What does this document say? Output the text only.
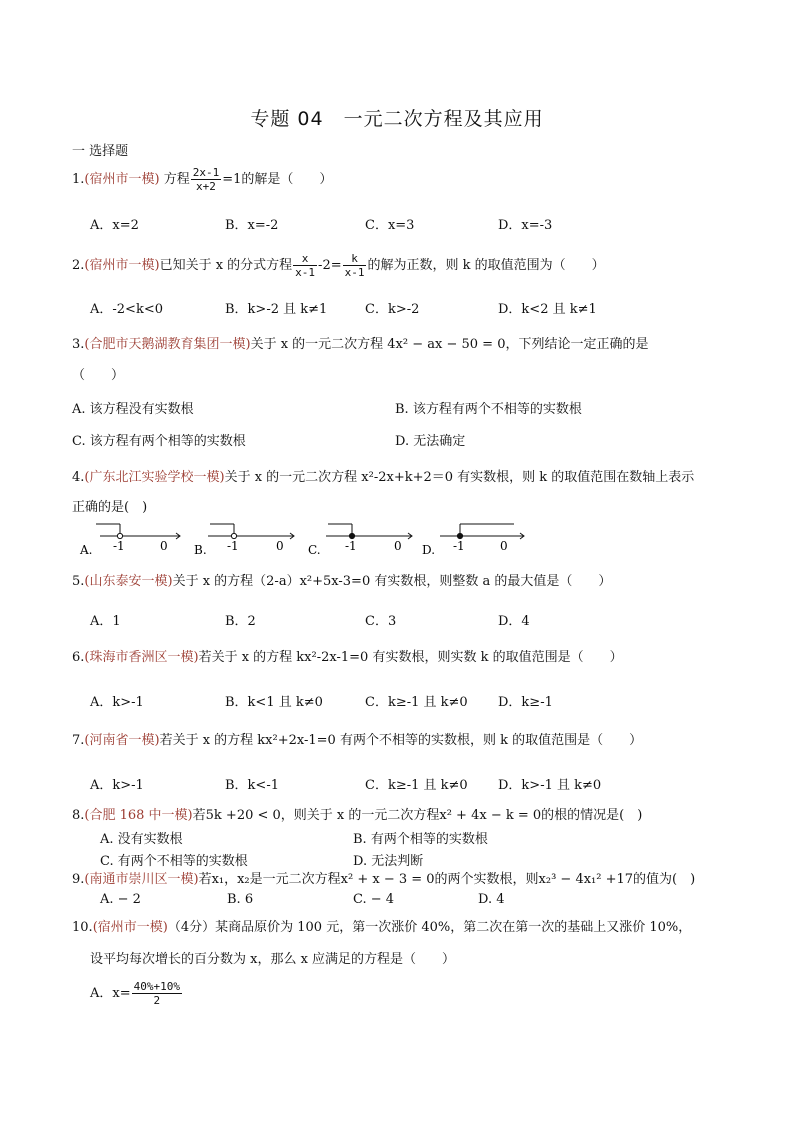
专题 04　一元二次方程及其应用
一 选择题
1.(宿州市一模) 方程 $\frac{2x-1}{x+2} =1$的解是（　　）
A．x=2	B．x=-2	C．x=3	D．x=-3
2.(宿州市一模)已知关于 x 的分式方程 $\frac{x}{x-1} -2= \frac{k}{x-1}$ 的解为正数，则 k 的取值范围为（　　）
A．-2<k<0	B．k>-2 且 k≠1	C．k>-2	D．k<2 且 k≠1
3.(合肥市天鹅湖教育集团一模)关于 x 的一元二次方程 4x² − ax − 50 = 0，下列结论一定正确的是
（　　）
A. 该方程没有实数根	B. 该方程有两个不相等的实数根
C. 该方程有两个相等的实数根	D. 无法确定
4.(广东北江实验学校一模)关于 x 的一元二次方程 x²-2x+k+2＝0 有实数根，则 k 的取值范围在数轴上表示
正确的是(　)
A. -1	0 B. -1	0 C. -1	0 D. -1	0
5.(山东泰安一模)关于 x 的方程（2-a）x²+5x-3=0 有实数根，则整数 a 的最大值是（　　）
A．1	B．2	C．3	D．4
6.(珠海市香洲区一模)若关于 x 的方程 kx²-2x-1=0 有实数根，则实数 k 的取值范围是（　　）
A．k>-1	B．k<1 且 k≠0	C．k≥-1 且 k≠0 D．k≥-1
7.(河南省一模)若关于 x 的方程 kx²+2x-1=0 有两个不相等的实数根，则 k 的取值范围是（　　）
A．k>-1	B．k<-1	C．k≥-1 且 k≠0 D．k>-1 且 k≠0
8.(合肥 168 中一模)若5k +20 < 0，则关于 x 的一元二次方程x² + 4x − k = 0的根的情况是(　)
A. 没有实数根	B. 有两个相等的实数根
C. 有两个不相等的实数根	D. 无法判断
9.(南通市崇川区一模)若x₁，x₂是一元二次方程x² + x − 3 = 0的两个实数根，则x₂³ − 4x₁² +17的值为(　)
A. − 2	B. 6	C. − 4	D. 4
10.(宿州市一模)（4分）某商品原价为 100 元，第一次涨价 40%，第二次在第一次的基础上又涨价 10%，
设平均每次增长的百分数为 x，那么 x 应满足的方程是（　　）
A．$x= \frac{40\%+10\%}{2}$
